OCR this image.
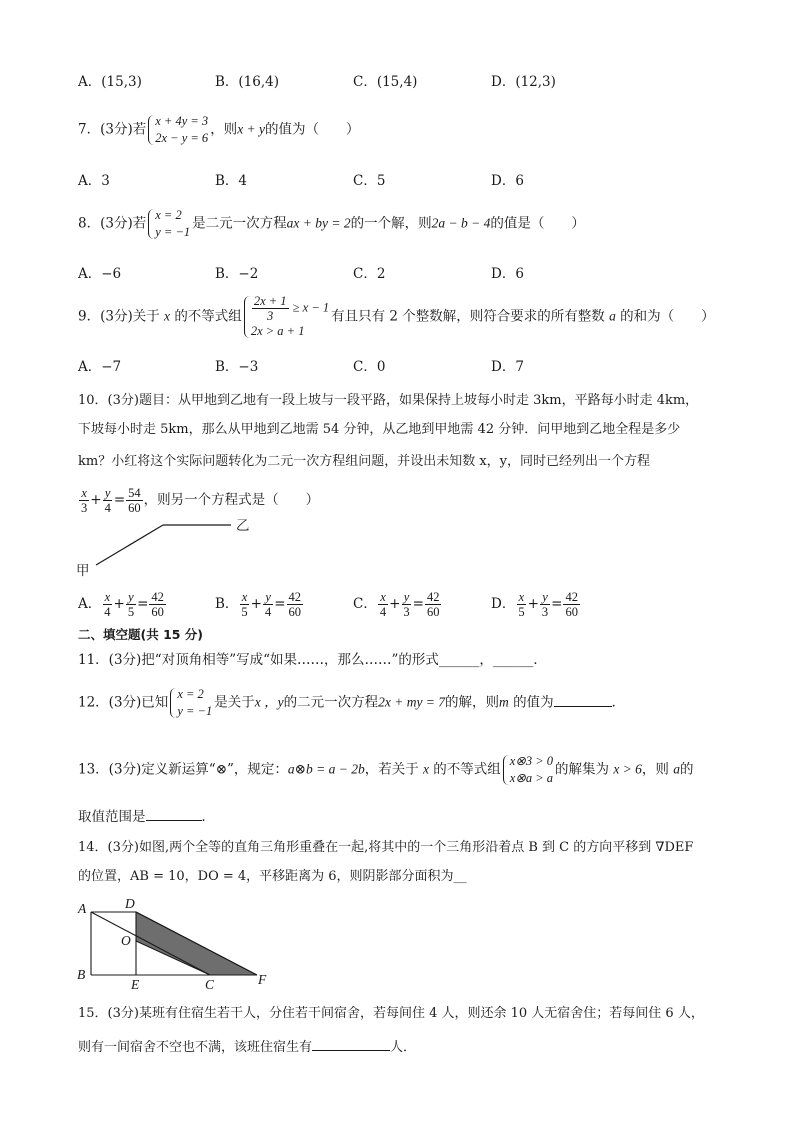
A．(15,3)	B．(16,4)	C．(15,4)	D．(12,3)
7．(3分)若
x + 4y = 3
2x − y = 6
，则x + y的值为（　　）
A．3	B．4	C．5	D．6
8．(3分)若
x = 2
y = −1
是二元一次方程ax + by = 2的一个解，则2a − b − 4的值是（　　）
A．−6	B．−2	C．2	D．6
9．(3分)关于 x 的不等式组 $\frac{2x + 1}{3} \ge x - 1$
2x > a + 1
有且只有 2 个整数解，则符合要求的所有整数 a 的和为（　　）
A．−7	B．−3	C．0	D．7
10．(3分)题目：从甲地到乙地有一段上坡与一段平路，如果保持上坡每小时走 3km，平路每小时走 4km，
下坡每小时走 5km，那么从甲地到乙地需 54 分钟，从乙地到甲地需 42 分钟．问甲地到乙地全程是多少
km？小红将这个实际问题转化为二元一次方程组问题，并设出未知数 x，y，同时已经列出一个方程
$\frac{x}{3} + \frac{y}{4} = \frac{54}{60}$ ，则另一个方程式是（　　）
乙
甲
A． $\frac{x}{4} + \frac{y}{5} = \frac{42}{60}$	B． $\frac{x}{5} + \frac{y}{4} = \frac{42}{60}$	C． $\frac{x}{4} + \frac{y}{3} = \frac{42}{60}$	D． $\frac{x}{5} + \frac{y}{3} = \frac{42}{60}$
二、填空题(共 15 分)
11．(3分)把“对顶角相等”写成“如果……，那么……”的形式______，______．
12．(3分)已知
x = 2
y = −1
是关于x ，y的二元一次方程2x + my = 7的解，则m 的值为	．
13．(3分)定义新运算“⊗”，规定：a⊗b = a − 2b，若关于 x 的不等式组
x⊗3 > 0
x⊗a > a
的解集为 x > 6，则 a的
取值范围是	．
14．(3分)如图,两个全等的直角三角形重叠在一起,将其中的一个三角形沿着点 B 到 C 的方向平移到 ∇DEF
的位置，AB = 10，DO = 4，平移距离为 6，则阴影部分面积为__
A	D
O
B
E	C	F
15．(3分)某班有住宿生若干人，分住若干间宿舍，若每间住 4 人，则还余 10 人无宿舍住；若每间住 6 人，
则有一间宿舍不空也不满，该班住宿生有	人．
